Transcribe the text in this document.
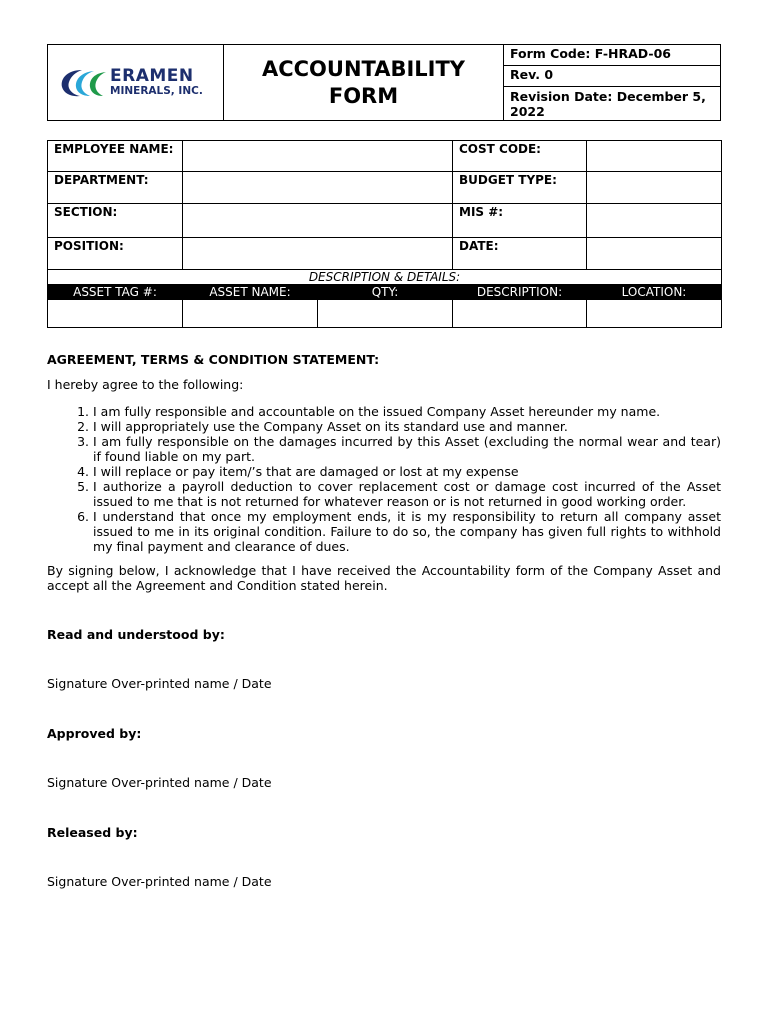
ERAMEN
MINERALS, INC.
ACCOUNTABILITY FORM
Form Code: F-HRAD-06
Rev. 0
Revision Date: December 5, 2022
EMPLOYEE NAME:			COST CODE:	
DEPARTMENT:			BUDGET TYPE:	
SECTION:			MIS #:	
POSITION:			DATE:	
DESCRIPTION & DETAILS:				
ASSET TAG #:	ASSET NAME:	QTY:	DESCRIPTION:	LOCATION:

AGREEMENT, TERMS & CONDITION STATEMENT:
I hereby agree to the following:
1. I am fully responsible and accountable on the issued Company Asset hereunder my name.
2. I will appropriately use the Company Asset on its standard use and manner.
3. I am fully responsible on the damages incurred by this Asset (excluding the normal wear and tear) if found liable on my part.
4. I will replace or pay item/’s that are damaged or lost at my expense
5. I authorize a payroll deduction to cover replacement cost or damage cost incurred of the Asset issued to me that is not returned for whatever reason or is not returned in good working order.
6. I understand that once my employment ends, it is my responsibility to return all company asset issued to me in its original condition. Failure to do so, the company has given full rights to withhold my final payment and clearance of dues.
By signing below, I acknowledge that I have received the Accountability form of the Company Asset and accept all the Agreement and Condition stated herein.
Read and understood by:
Signature Over-printed name / Date
Approved by:
Signature Over-printed name / Date
Released by:
Signature Over-printed name / Date
